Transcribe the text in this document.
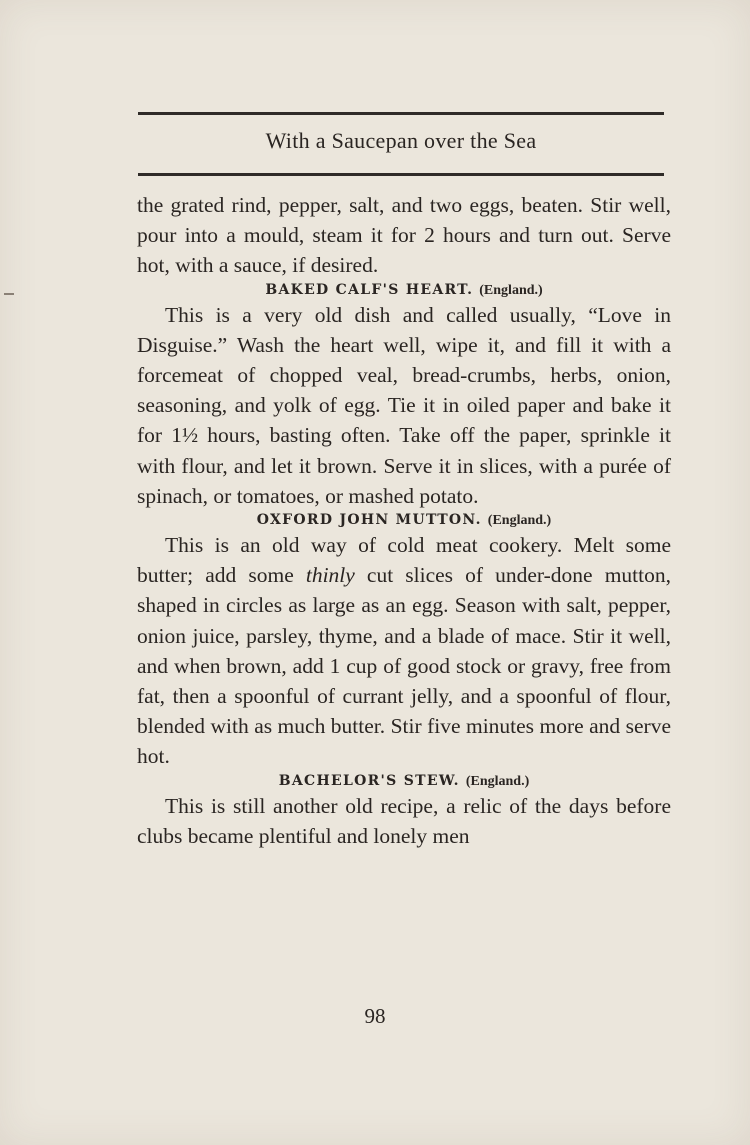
With a Saucepan over the Sea

the grated rind, pepper, salt, and two eggs, beaten. Stir well, pour into a mould, steam it for 2 hours and turn out. Serve hot, with a sauce, if desired.

BAKED CALF'S HEART. (England.)

This is a very old dish and called usually, “Love in Disguise.” Wash the heart well, wipe it, and fill it with a forcemeat of chopped veal, bread-crumbs, herbs, onion, seasoning, and yolk of egg. Tie it in oiled paper and bake it for 1½ hours, basting often. Take off the paper, sprinkle it with flour, and let it brown. Serve it in slices, with a purée of spinach, or tomatoes, or mashed potato.

OXFORD JOHN MUTTON. (England.)

This is an old way of cold meat cookery. Melt some butter; add some thinly cut slices of under-done mutton, shaped in circles as large as an egg. Season with salt, pepper, onion juice, parsley, thyme, and a blade of mace. Stir it well, and when brown, add 1 cup of good stock or gravy, free from fat, then a spoonful of currant jelly, and a spoonful of flour, blended with as much butter. Stir five minutes more and serve hot.

BACHELOR'S STEW. (England.)

This is still another old recipe, a relic of the days before clubs became plentiful and lonely men

98
